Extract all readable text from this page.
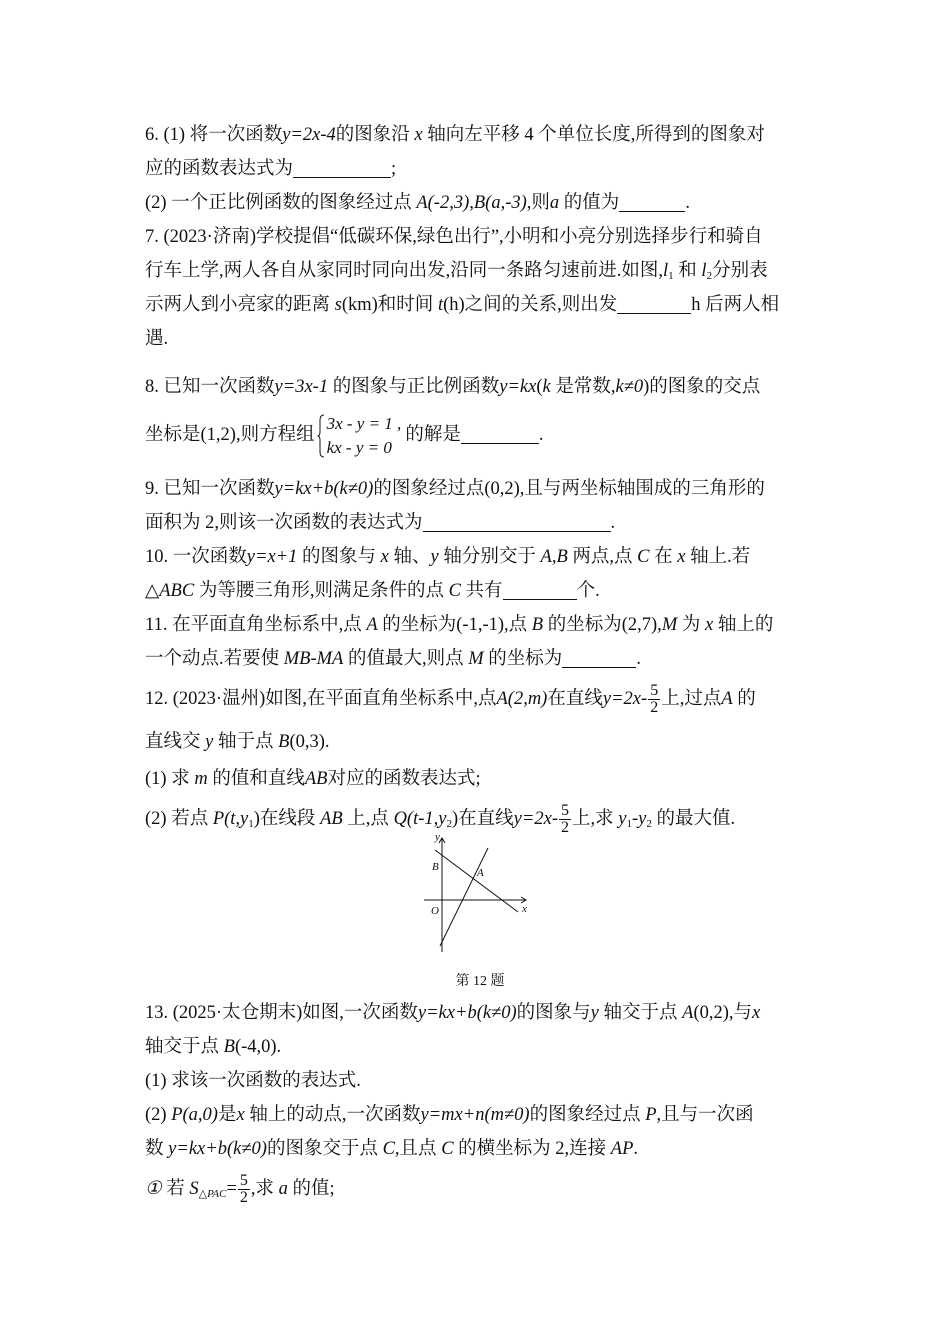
6. (1) 将一次函数y=2x-4的图象沿 x 轴向左平移 4 个单位长度,所得到的图象对
应的函数表达式为	;
(2) 一个正比例函数的图象经过点 A(-2,3),B(a,-3),则a 的值为	.
7. (2023·济南)学校提倡“低碳环保,绿色出行”,小明和小亮分别选择步行和骑自
行车上学,两人各自从家同时同向出发,沿同一条路匀速前进.如图$,l_1$ 和 $l_2$分别表
示两人到小亮家的距离 s(km)和时间 t(h)之间的关系,则出发	h 后两人相
遇.
8. 已知一次函数y=3x-1 的图象与正比例函数y=kx(k 是常数,k≠0)的图象的交点
坐标是(1,2),则方程组
3x - y = 1 ,
kx - y = 0
的解是	.
9. 已知一次函数y=kx+b(k≠0)的图象经过点(0,2),且与两坐标轴围成的三角形的
面积为 2,则该一次函数的表达式为	.
10. 一次函数y=x+1 的图象与 x 轴、y 轴分别交于 A,B 两点,点 C 在 x 轴上.若
△ABC 为等腰三角形,则满足条件的点 C 共有	个.
11. 在平面直角坐标系中,点 A 的坐标为(-1,-1),点 B 的坐标为(2,7),M 为 x 轴上的
一个动点.若要使 MB-MA 的值最大,则点 M 的坐标为	.
12. (2023·温州)如图,在平面直角坐标系中,点A(2,m)在直线$y=2x- \frac{5}{2}$ 上,过点A 的
直线交 y 轴于点 B(0,3).
(1) 求 m 的值和直线AB对应的函数表达式;
(2) 若点 $P(t,y_1)$在线段 AB 上,点 $Q(t-1,y_2)$在直线$y=2x- \frac{5}{2}$ 上,求 $y_1-y_2$ 的最大值.
y
B	A
O	x
第 12 题
13. (2025·太仓期末)如图,一次函数y=kx+b(k≠0)的图象与y 轴交于点 A(0,2),与x
轴交于点 B(-4,0).
(1) 求该一次函数的表达式.
(2) P(a,0)是x 轴上的动点,一次函数y=mx+n(m≠0)的图象经过点 P,且与一次函
数 y=kx+b(k≠0)的图象交于点 C,且点 C 的横坐标为 2,连接 AP.
① 若 $S_{\triangle PAC}= \frac{5}{2}$ ,求 a 的值;
